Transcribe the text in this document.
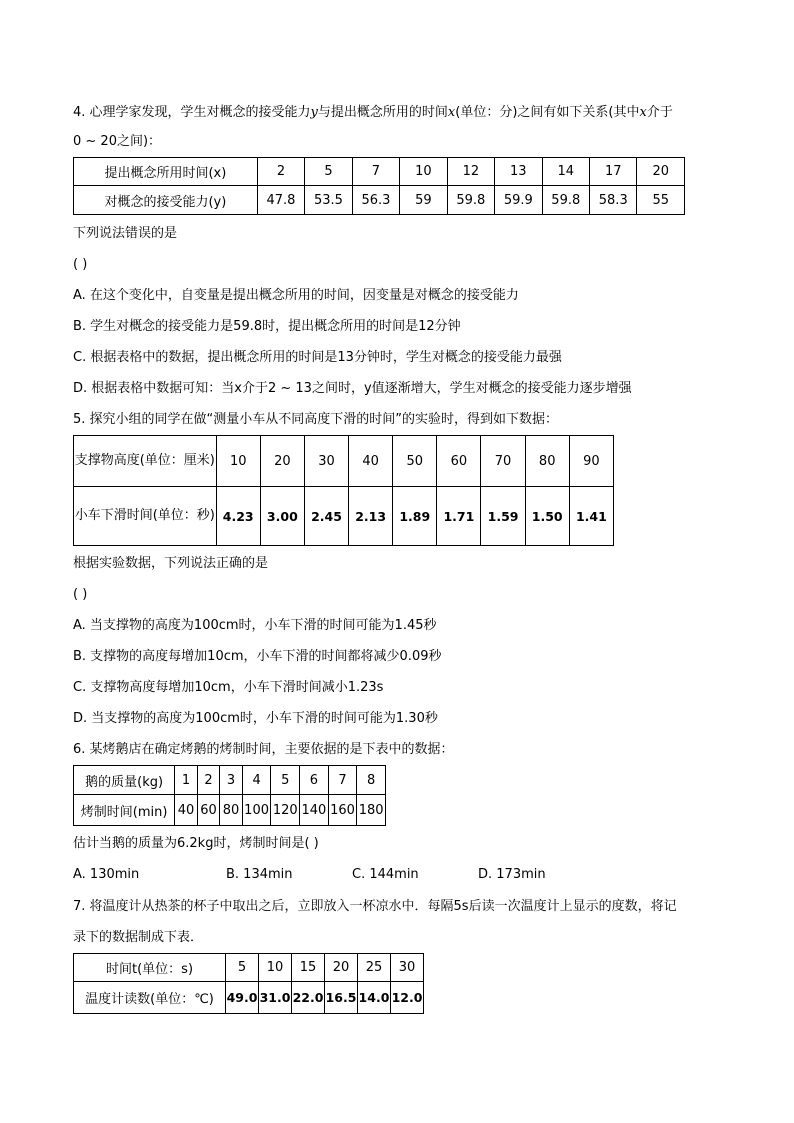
4. 心理学家发现，学生对概念的接受能力y与提出概念所用的时间x(单位：分)之间有如下关系(其中x介于
0 ~ 20之间)：
提出概念所用时间(x)	2	5	7	10	12	13	14	17	20
对概念的接受能力(y)	47.8	53.5	56.3	59	59.8	59.9	59.8	58.3	55
下列说法错误的是
( )
A. 在这个变化中，自变量是提出概念所用的时间，因变量是对概念的接受能力
B. 学生对概念的接受能力是59.8时，提出概念所用的时间是12分钟
C. 根据表格中的数据，提出概念所用的时间是13分钟时，学生对概念的接受能力最强
D. 根据表格中数据可知：当x介于2 ~ 13之间时，y值逐渐增大，学生对概念的接受能力逐步增强
5. 探究小组的同学在做“测量小车从不同高度下滑的时间”的实验时，得到如下数据：
支撑物高度(单位：厘米)	10	20	30	40	50	60	70	80	90
小车下滑时间(单位：秒)	4.23	3.00	2.45	2.13	1.89	1.71	1.59	1.50	1.41
根据实验数据，下列说法正确的是
( )
A. 当支撑物的高度为100cm时，小车下滑的时间可能为1.45秒
B. 支撑物的高度每增加10cm，小车下滑的时间都将减少0.09秒
C. 支撑物高度每增加10cm，小车下滑时间减小1.23s
D. 当支撑物的高度为100cm时，小车下滑的时间可能为1.30秒
6. 某烤鹅店在确定烤鹅的烤制时间，主要依据的是下表中的数据：
鹅的质量(kg)	1	2	3	4	5	6	7	8
烤制时间(min)	40	60	80	100	120	140	160	180
估计当鹅的质量为6.2kg时，烤制时间是( )
A. 130min	B. 134min	C. 144min	D. 173min
7. 将温度计从热茶的杯子中取出之后，立即放入一杯凉水中．每隔5s后读一次温度计上显示的度数，将记
录下的数据制成下表．
时间t(单位：s)	5	10	15	20	25	30
温度计读数(单位：℃)	49.0	31.0	22.0	16.5	14.0	12.0
